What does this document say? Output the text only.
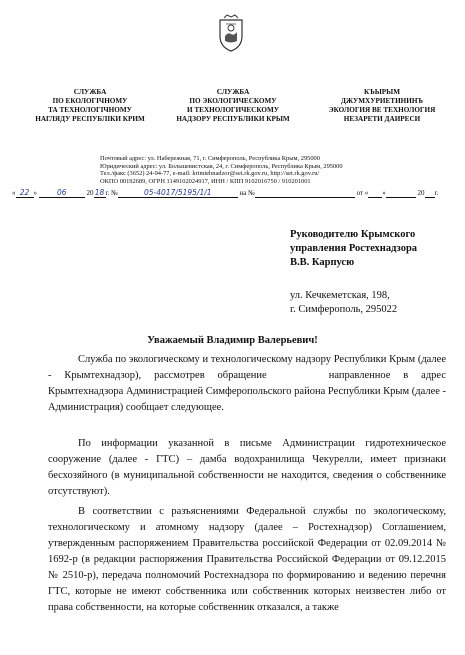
СЛУЖБА
ПО ЕКОЛОГІЧНОМУ
ТА ТЕХНОЛОГІЧНОМУ
НАГЛЯДУ РЕСПУБЛІКИ КРИМ
СЛУЖБА
ПО ЭКОЛОГИЧЕСКОМУ
И ТЕХНОЛОГИЧЕСКОМУ
НАДЗОРУ РЕСПУБЛИКИ КРЫМ
КЪЫРЫМ
ДЖУМХУРИЕТИНИНЪ
ЭКОЛОГИЯ ВЕ ТЕХНОЛОГИЯ
НЕЗАРЕТИ ДАИРЕСИ
Почтовый адрес: ул. Набережная, 71, г. Симферополь, Республика Крым, 295000
Юридический адрес: ул. Большевистская, 24, г. Симферополь, Республика Крым, 295000
Тел./факс (3652) 24-94-77, e-mail: krimtehnadzor@set.rk.gov.ru, http://set.rk.gov.ru/
ОКПО 00192689, ОГРН 1149102024917, ИНН / КПП 9102016750 / 910201001
« 22 »	06	2018г. №	05-4017/5195/1/1	на №	от « »	20 г.
Руководителю Крымского
управления Ростехнадзора
В.В. Карпусю
ул. Кечкеметская, 198,
г. Симферополь, 295022
Уважаемый Владимир Валерьевич!

Служба по экологическому и технологическому надзору Республики Крым (далее - Крымтехнадзор), рассмотрев обращение	направленное в адрес Крымтехнадзора Администрацией Симферопольского района Республики Крым (далее - Администрация) сообщает следующее.

По информации указанной в письме Администрации гидротехническое сооружение (далее - ГТС) – дамба водохранилища Чекурелли, имеет признаки бесхозяйного (в муниципальной собственности не находится, сведения о собственнике отсутствуют).

В соответствии с разъяснениями Федеральной службы по экологическому, технологическому и атомному надзору (далее – Ростехнадзор) Соглашением, утвержденным распоряжением Правительства российской Федерации от 02.09.2014 № 1692-р (в редакции распоряжения Правительства Российской Федерации от 09.12.2015 № 2510-р), передача полномочий Ростехнадзора по формированию и ведению перечня ГТС, которые не имеют собственника или собственник которых неизвестен либо от права собственности, на которые собственник отказался, а также
